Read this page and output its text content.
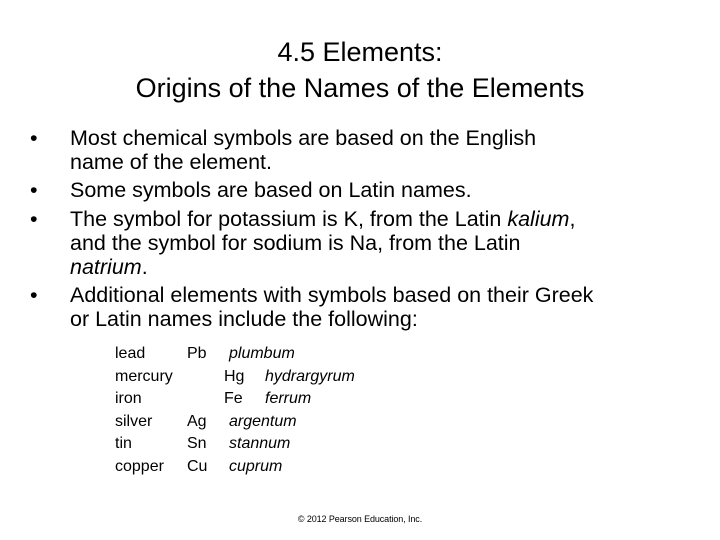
4.5 Elements:
Origins of the Names of the Elements
•	Most chemical symbols are based on the English
name of the element.
•	Some symbols are based on Latin names.
•	The symbol for potassium is K, from the Latin kalium,
and the symbol for sodium is Na, from the Latin
natrium.
•	Additional elements with symbols based on their Greek
or Latin names include the following:
lead	Pb plumbum
mercury	Hg hydrargyrum
iron	Fe ferrum
silver Ag argentum
tin	Sn stannum
copper Cu cuprum
© 2012 Pearson Education, Inc.
